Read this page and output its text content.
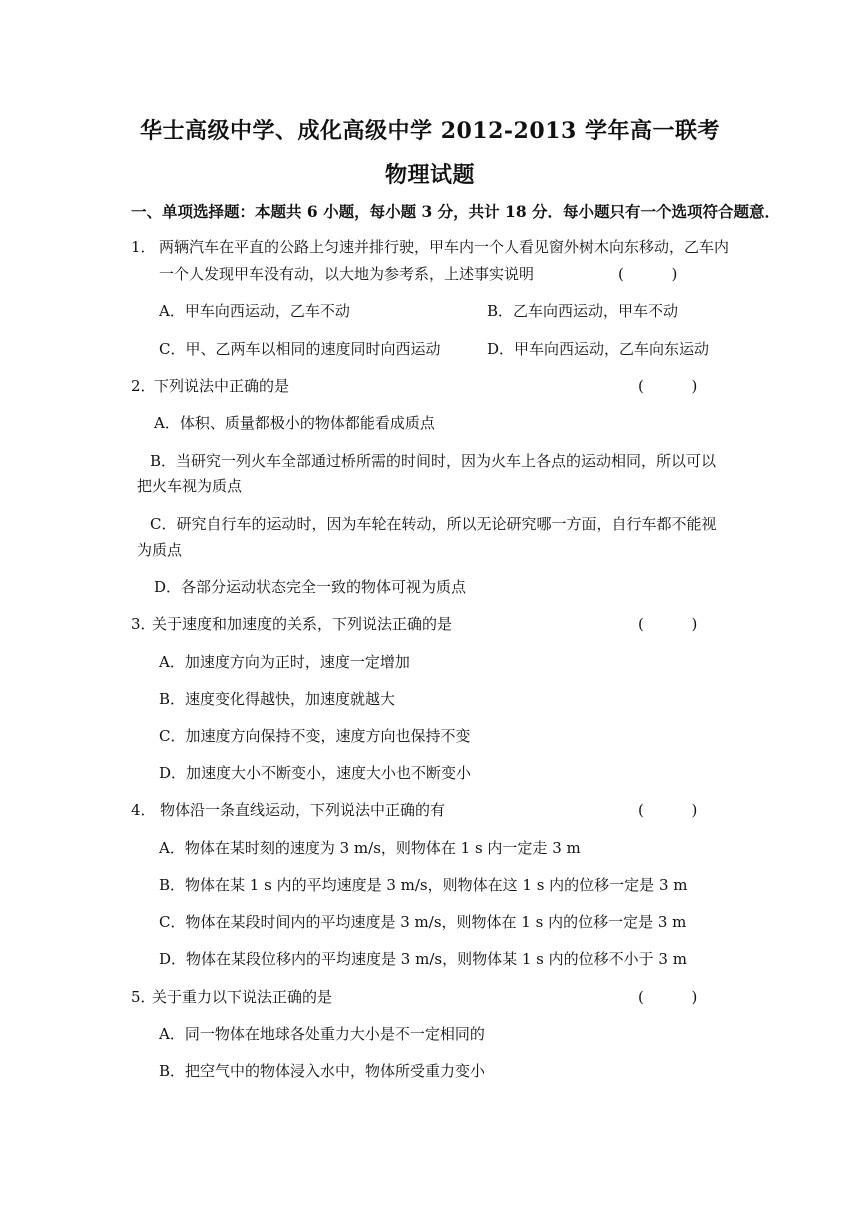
华士高级中学、成化高级中学 2012-2013 学年高一联考
物理试题
一、单项选择题：本题共 6 小题，每小题 3 分，共计 18 分．每小题只有一个选项符合题意．
1． 两辆汽车在平直的公路上匀速并排行驶，甲车内一个人看见窗外树木向东移动，乙车内
一个人发现甲车没有动，以大地为参考系，上述事实说明	(          )
A．甲车向西运动，乙车不动	B．乙车向西运动，甲车不动
C．甲、乙两车以相同的速度同时向西运动	D．甲车向西运动，乙车向东运动
2．
下列说法中正确的是	(          )
A．体积、质量都极小的物体都能看成质点
B．当研究一列火车全部通过桥所需的时间时，因为火车上各点的运动相同，所以可以
把火车视为质点
C．研究自行车的运动时，因为车轮在转动，所以无论研究哪一方面，自行车都不能视
为质点
D．各部分运动状态完全一致的物体可视为质点
3．
关于速度和加速度的关系，下列说法正确的是	(          )
A．加速度方向为正时，速度一定增加
B．速度变化得越快，加速度就越大
C．加速度方向保持不变，速度方向也保持不变
D．加速度大小不断变小，速度大小也不断变小
4． 物体沿一条直线运动，下列说法中正确的有	(          )
A．物体在某时刻的速度为 3 m/s，则物体在 1 s 内一定走 3 m
B．物体在某 1 s 内的平均速度是 3 m/s，则物体在这 1 s 内的位移一定是 3 m
C．物体在某段时间内的平均速度是 3 m/s，则物体在 1 s 内的位移一定是 3 m
D．物体在某段位移内的平均速度是 3 m/s，则物体某 1 s 内的位移不小于 3 m
5．
关于重力以下说法正确的是	(          )
A．同一物体在地球各处重力大小是不一定相同的
B．把空气中的物体浸入水中，物体所受重力变小
